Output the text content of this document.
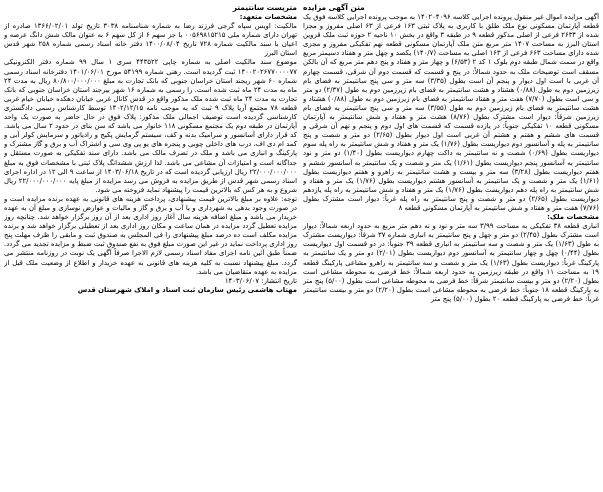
متن آگهی مزایده

آگهی مزایده اموال غیر منقول پرونده اجرایی کلاسه ۱۴۰۲۰۴۰۹۶ به موجب پرونده اجرایی کلاسه فوق یک قطعه آپارتمان مسکونی نوع ملک طلق با کاربری به پلاک ثبتی ۱۶۳ فرعی از ۶۳ اصلی مفروز و مجزا شده از ۲۶۳۴ فرعی از اصلی مذکور قطعه ۹ در طبقه ۳ واقع در بخش ۱۰ ناحیه ۲ حوزه ثبت ملک قزوین استان البرز به مساحت ۱۴۰۷ متر مربع متن ملک آپارتمان مسکونی قطعه نهم تفکیکی مفروز و مجزی شده دارای مساحت ۶۶۳ فرعی از ۱۶۳ اصلی به مساحت (۱۴۰/۷) یکصد و چهل متر و هفتاد دسیمتر مربع واقع در سمت شمال طبقه دوم بلوک ۱ کد ۲ (۶/۵۳) و چهار متر و هفتاد و پنج دهم متر مربع که آن بالکن مسقف است توضیحات ملک به حدود شمالاً: در پنج و قسمت که قسمت دوم آن شرقی، قسمت چهارم آن غربی با است اول دیوار و پنجم آن است بطول (۳/۳۵) سه متر و سی پنج سانتیمتر به فضای بام زیرزمین دوم به طول (۰/۸۸) هشتاد و هشت سانتیمتر به فضای بام زیرزمین دوم به طول (۲/۳۷) دو متر و سی است بطول (۷/۷۰) هفت متر و هفتاد سانتیمتر به فضای بام زیرزمین دوم به طول (۰/۸۸) هشتاد و هشت سانتیمتر به فضای بام زیرزمین دوم به طول (۳/۵۵) سه متر و سی پنج سانتیمتر به فضای بام زیرزمین شرقاً: دیوار است مشترک بطول (۸/۷۶) هشت متر و هفتاد و شش سانتیمتر به آپارتمان مسکونی قطعه ۱۰ تفکیکی جنوباً: در یازده قسمت که قسمت های اول دوم و پنجم و نهم آن شرقی و قسمت های ششم و هفتم و هشتم آن غربی است اول دیوار بطول (۲/۶۵) دو متر و شصت و پنج سانتیمتر به پله و آسانسور دوم دیواریست بطول (۱/۷۶) یک متر و هفتاد و شش سانتیمتر به راه پله سوم دیواریست بطول (۰/۶۹) شصت و نه سانتیمتر به داکت چهارم دیواریست بطول (۱/۴۰) دو متر و نود سانتیمتر به آسانسور پنجم دیواریست بطول (۱/۶۱) یک متر و شصت و یک سانتیمتر به آسانسور ششم و هفتم دیواریست بطول (۳/۲۸) سه متر و بیست و هشت سانتیمتر به راهرو و هفتم دیواریست بطول (۱/۶۱) یک متر و شصت و یک سانتیمتر به آسانسور هشتم دیواریست بطول (۱/۷۶) یک متر و هفتاد و شش سانتیمتر به راه پله دهم دیواریست بطول (۱/۷۶) یک متر و هفتاد و شش سانتیمتر به راه پله یازدهم دیواریست بطول (۲/۶۵) دو متر و شصت و پنج سانتیمتر به راه پله غرباً: دیوار است مشترک بطول (۷/۷۶) هفت متر و هفتاد و شش سانتیمتر به آپارتمان مسکونی قطعه ۸

مشخصات ملک:

انباری قطعه ۳۸ تفکیکی به مساحت ۳/۹۹ سه متر و نود و نه دهم متر مربع به حدود اربعه شمالاً: دیوار است مشترک بطول (۲/۴۵) دو متر و چهل و پنج سانتیمتر به انباری شماره ۳۷ شرقاً: دیواریست مشترک به طول (۱/۶۳) یک متر و شصت و سه سانتیمتر به انباری قطعه ۳۹ جنوباً: در دو قسمت اول دیواریست بطول (۰/۴۴) چهل و چهار سانتیمتر به آسانسور دوم دیواریست بطول (۲/۰۱) دو متر و یک سانتیمتر به پارکینگ غرباً: دیواریست بطول (۱/۶۳) یک متر و شصت و سه سانتیمتر به راهرو مشاعی پارکینگ قطعه ۱۹ به مساحت ۱۱ واقع در طبقه زیرزمین به حدود اربعه شمالاً: خط فرضی به محوطه مشاعی است بطول (۲/۲۰) دو متر و بیست سانتیمتر شرقاً: خط فرضی به محوطه مشاعی است بطول (۵/۰۰) پنج متر به پارکینگ قطعه ۱۸ جنوباً: خط فرضی به محوطه مشاعی است بطول (۲/۲۰) دو متر و بیست سانتیمتر غرباً: خط فرضی به پارکینگ قطعه ۲۰ بطول (۵/۰۰) پنج متر

متریست سانتیمتر

مشخصات متعهد:

مالکیت: اویس سپاه گرجی فرزند رضا به شماره شناسنامه ۳۰۳۸ تاریخ تولد ۱۳۶۶/۰۲/۰۱ صادره از تهران دارای شماره ملی ۰۰۵۶۹۸۱۵۲۱۵ با جز سهم ۶ از کل سهم ۶ به عنوان مالک شش دانگ عرصه و اعیان با سند مالکیت شماره ۷۲۸ تاریخ ۱۴۰۰/۰۸/۰۴ دفتر خانه اسناد رسمی شماره ۲۵۸ شهر قدس استان البرز

موضوع سند مالکیت اصلی به شماره چاپی ۴۴۳۵۲۲ سری ۱ سال ۹۹ شماره دفتر الکترونیکی ۱۴۰۰۲۰۲۶۷۷۰۰۰۰۷۷ ثبت گردیده است. رهنی شماره ۵۴۱۹۹ مورخ ۱۴۰۱/۰۶/۰۱ دفترخانه اسناد رسمی شماره ۶۰ شهر ریجند استان خراسان جنوبی که بانک تجارت به مبلغ ۸۰/۸۰۰/۰۰۰/۰۰۰ ریال به مدت ۲۴ ماه به مدت ۲۴ ماه ثبت شده است. را رسمی به شماره ۱۶ شهر بیرجند استان خراسان جنوبی که بانک تجارت به مدت ۲۴ ماه ثبت شده ملک مذکور واقع در قدس کانال غربی خیابان دهکده خیابان خیام غربی قطعه ۷۸ مجتمع آریا پلاک ۹ ثبت که به موجب نامه ۱۴۰۲/۱۲/۱۵ توسط کارشناس رسمی دادگستری کارشناسی گردیده است توصیف اجمالی ملک مذکور: پلاک فوق در حال حاضر به صورت یک واحد آپارتمان در طبقه دوم یک مجتمع مسکونی ۱۱۸ خانوار می باشد که سن بنای در حدود ۲ سال می باشد. کد قرار دارای آسانسور و سرامیک بدنه و کف، سیستم گرمایش پکیج و رادیاتور و سرمایش کولر آبی و کمد ام دی اف، درب های داخلی چوبی و پنجره های یو پی وی سی و اشتراک آب و برق و گاز مشترک و پارکینگ و انباری می باشد و ملک در تصرف مالک می باشد. دارای سند تفکیکی به صورت مستقل و جداگانه است و امتیازات آن مشاعی می باشد. لذا ارزش ششدانگ پلاک ثبتی با مشخصات فوق به مبلغ ۲۲/۰۰۰/۰۰۰/۰۰۰ ریال ارزیابی گردیده است که در تاریخ ۱۴۰۳/۰۶/۱۸ از ساعت ۹ الی ۱۲ در اداره اجرای اسناد رسمی شهر قدس از طریق مزایده به فروش می رسد مزایده از مبلغ پایه ۲۲/۰۰۰/۰۰۰/۰۰۰ ریال شروع و به هر کس که بالاترین قیمت را پیشنهاد نماید فروخته می شود.

توجه: علاوه بر مبلغ بالاترین قیمت پیشنهادی، پرداخت هزینه های قانونی به عهده برنده مزایده است و در صورت وجود بدهی به شهرداری و یا آب و برق و گاز و مالیات و عوارض نوسازی و مبلغ آن به عهده خریدار می باشد و مبلغ اضافه هزینه سال آغاز روز اداری بعد از آن روز برگزار خواهد شد. چنانچه روز مزایده تعطیل گردد مزایده در همان ساعت و مکان روز اداری بعد از تعطیلی برگزار خواهد شد و برنده مزایده مکلف است ده درصد مبلغ پیشنهادی را فی المجلس به صندوق ثبت و مابقی را ظرف مهلت پنج روز اداری پرداخت نماید در غیر این صورت مبلغ فوق به نفع صندوق ثبت ضبط و مزایده تجدید می گردد. ضمناً طبق آئین نامه اجرای مفاد اسناد رسمی لازم الاجرا صرفاً آگهی یک نوبت در روزنامه منتشر می گردد. مبلغ پیشنهاد نسبت به کلیه هزینه های قانونی به عهده خریدار و اطلاع از وضعیت ملک قبل از مزایده به عهده متقاضیان می باشد.

تاریخ انتشار: ۱۴۰۳/۰۶/۰۷

مهتاب هاشمی رئیس سازمان ثبت اسناد و املاک شهرستان قدس
